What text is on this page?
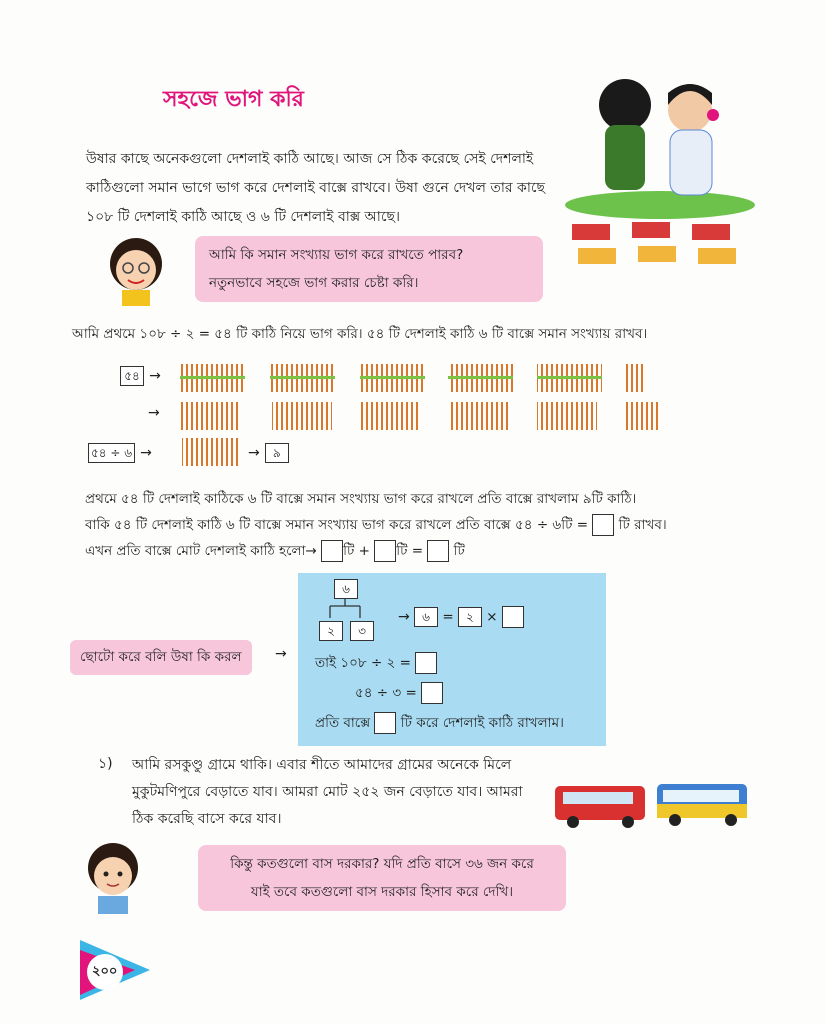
সহজে ভাগ করি
উষার কাছে অনেকগুলো দেশলাই কাঠি আছে। আজ সে ঠিক করেছে সেই দেশলাই কাঠিগুলো সমান ভাগে ভাগ করে দেশলাই বাক্সে রাখবে। উষা গুনে দেখল তার কাছে ১০৮ টি দেশলাই কাঠি আছে ও ৬ টি দেশলাই বাক্স আছে।
আমি কি সমান সংখ্যায় ভাগ করে রাখতে পারব?
নতুনভাবে সহজে ভাগ করার চেষ্টা করি।
আমি প্রথমে ১০৮ ÷ ২ = ৫৪ টি কাঠি নিয়ে ভাগ করি। ৫৪ টি দেশলাই কাঠি ৬ টি বাক্সে সমান সংখ্যায় রাখব।
৫৪ →
→
৫৪ ÷ ৬ →	→ ৯
প্রথমে ৫৪ টি দেশলাই কাঠিকে ৬ টি বাক্সে সমান সংখ্যায় ভাগ করে রাখলে প্রতি বাক্সে রাখলাম ৯টি কাঠি।
বাকি ৫৪ টি দেশলাই কাঠি ৬ টি বাক্সে সমান সংখ্যায় ভাগ করে রাখলে প্রতি বাক্সে ৫৪ ÷ ৬টি = টি রাখব।
এখন প্রতি বাক্সে মোট দেশলাই কাঠি হলো→ টি + টি = টি
ছোটো করে বলি উষা কি করল	→
৬
২	৩
→ ৬ = ২ ×
তাই ১০৮ ÷ ২ =
৫৪ ÷ ৩ =
প্রতি বাক্সে টি করে দেশলাই কাঠি রাখলাম।
১) আমি রসকুণ্ডু গ্রামে থাকি। এবার শীতে আমাদের গ্রামের অনেকে মিলে মুকুটমণিপুরে বেড়াতে যাব। আমরা মোট ২৫২ জন বেড়াতে যাব। আমরা ঠিক করেছি বাসে করে যাব।
কিন্তু কতগুলো বাস দরকার? যদি প্রতি বাসে ৩৬ জন করে
যাই তবে কতগুলো বাস দরকার হিসাব করে দেখি।
২০০
